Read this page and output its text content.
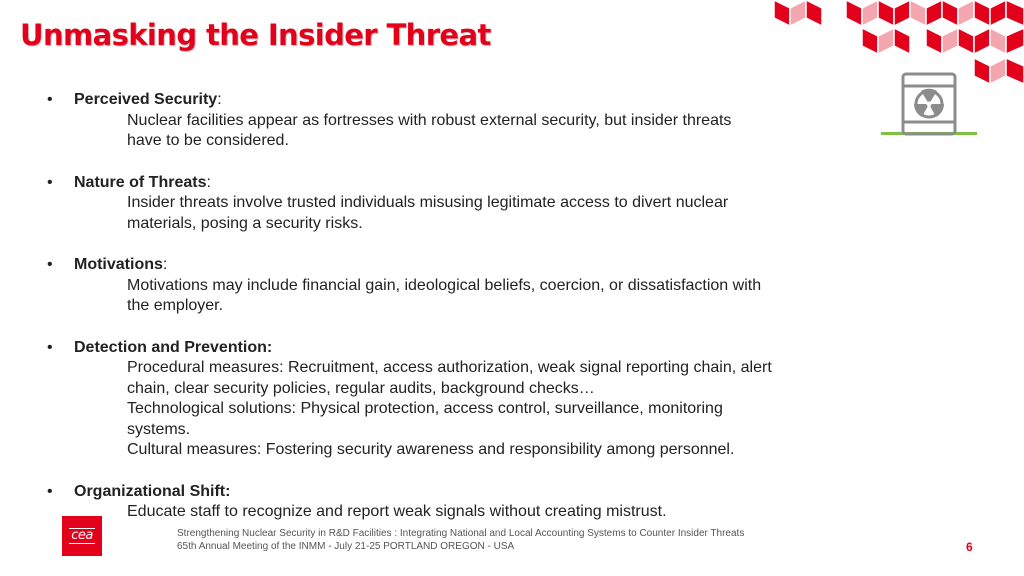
Unmasking the Insider Threat
• Perceived Security:

Nuclear facilities appear as fortresses with robust external security, but insider threats

have to be considered.

• Nature of Threats:

Insider threats involve trusted individuals misusing legitimate access to divert nuclear

materials, posing a security risks.

• Motivations:

Motivations may include financial gain, ideological beliefs, coercion, or dissatisfaction with

the employer.

• Detection and Prevention:

Procedural measures: Recruitment, access authorization, weak signal reporting chain, alert

chain, clear security policies, regular audits, background checks…

Technological solutions: Physical protection, access control, surveillance, monitoring

systems.

Cultural measures: Fostering security awareness and responsibility among personnel.

• Organizational Shift:

Educate staff to recognize and report weak signals without creating mistrust.

cea	Strengthening Nuclear Security in R&D Facilities : Integrating National and Local Accounting Systems to Counter Insider Threats
65th Annual Meeting of the INMM - July 21-25 PORTLAND OREGON - USA	6
